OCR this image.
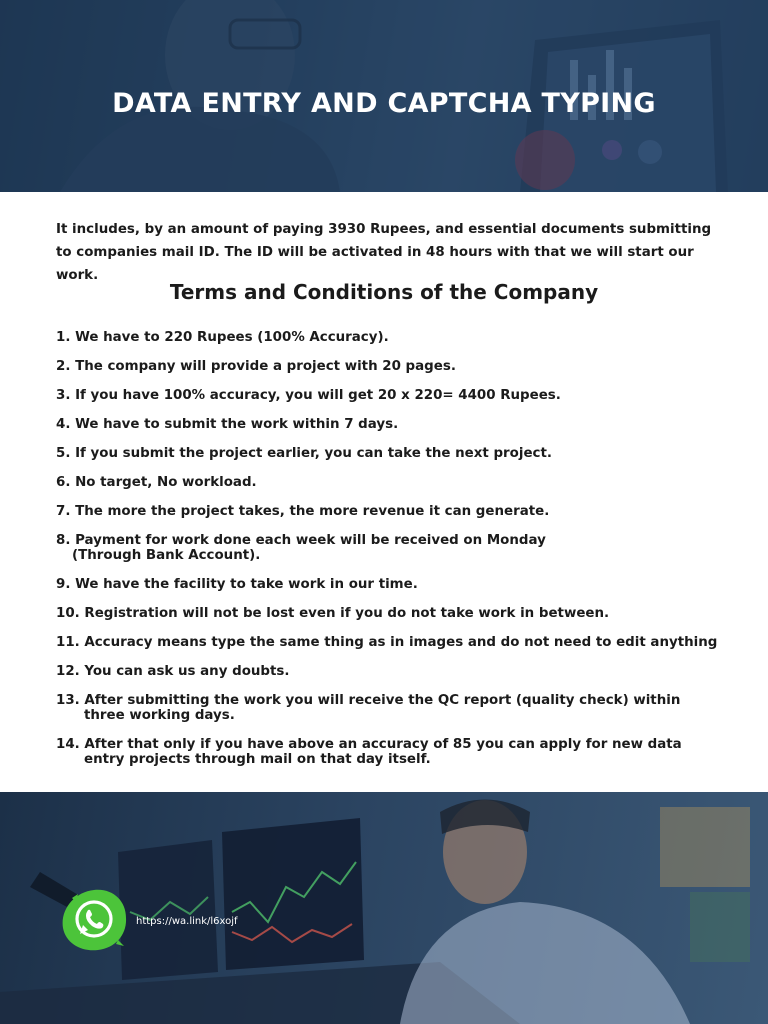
DATA ENTRY AND CAPTCHA TYPING

It includes, by an amount of paying 3930 Rupees, and essential documents submitting to companies mail ID. The ID will be activated in 48 hours with that we will start our work.

Terms and Conditions of the Company
1. We have to 220 Rupees (100% Accuracy).
2. The company will provide a project with 20 pages.
3. If you have 100% accuracy, you will get 20 x 220= 4400 Rupees.
4. We have to submit the work within 7 days.
5. If you submit the project earlier, you can take the next project.
6. No target, No workload.
7. The more the project takes, the more revenue it can generate.
8. Payment for work done each week will be received on Monday
(Through Bank Account).
9. We have the facility to take work in our time.
10. Registration will not be lost even if you do not take work in between.
11. Accuracy means type the same thing as in images and do not need to edit anything
12. You can ask us any doubts.
13. After submitting the work you will receive the QC report (quality check) within
three working days.
14. After that only if you have above an accuracy of 85 you can apply for new data
entry projects through mail on that day itself.
https://wa.link/l6xojf
